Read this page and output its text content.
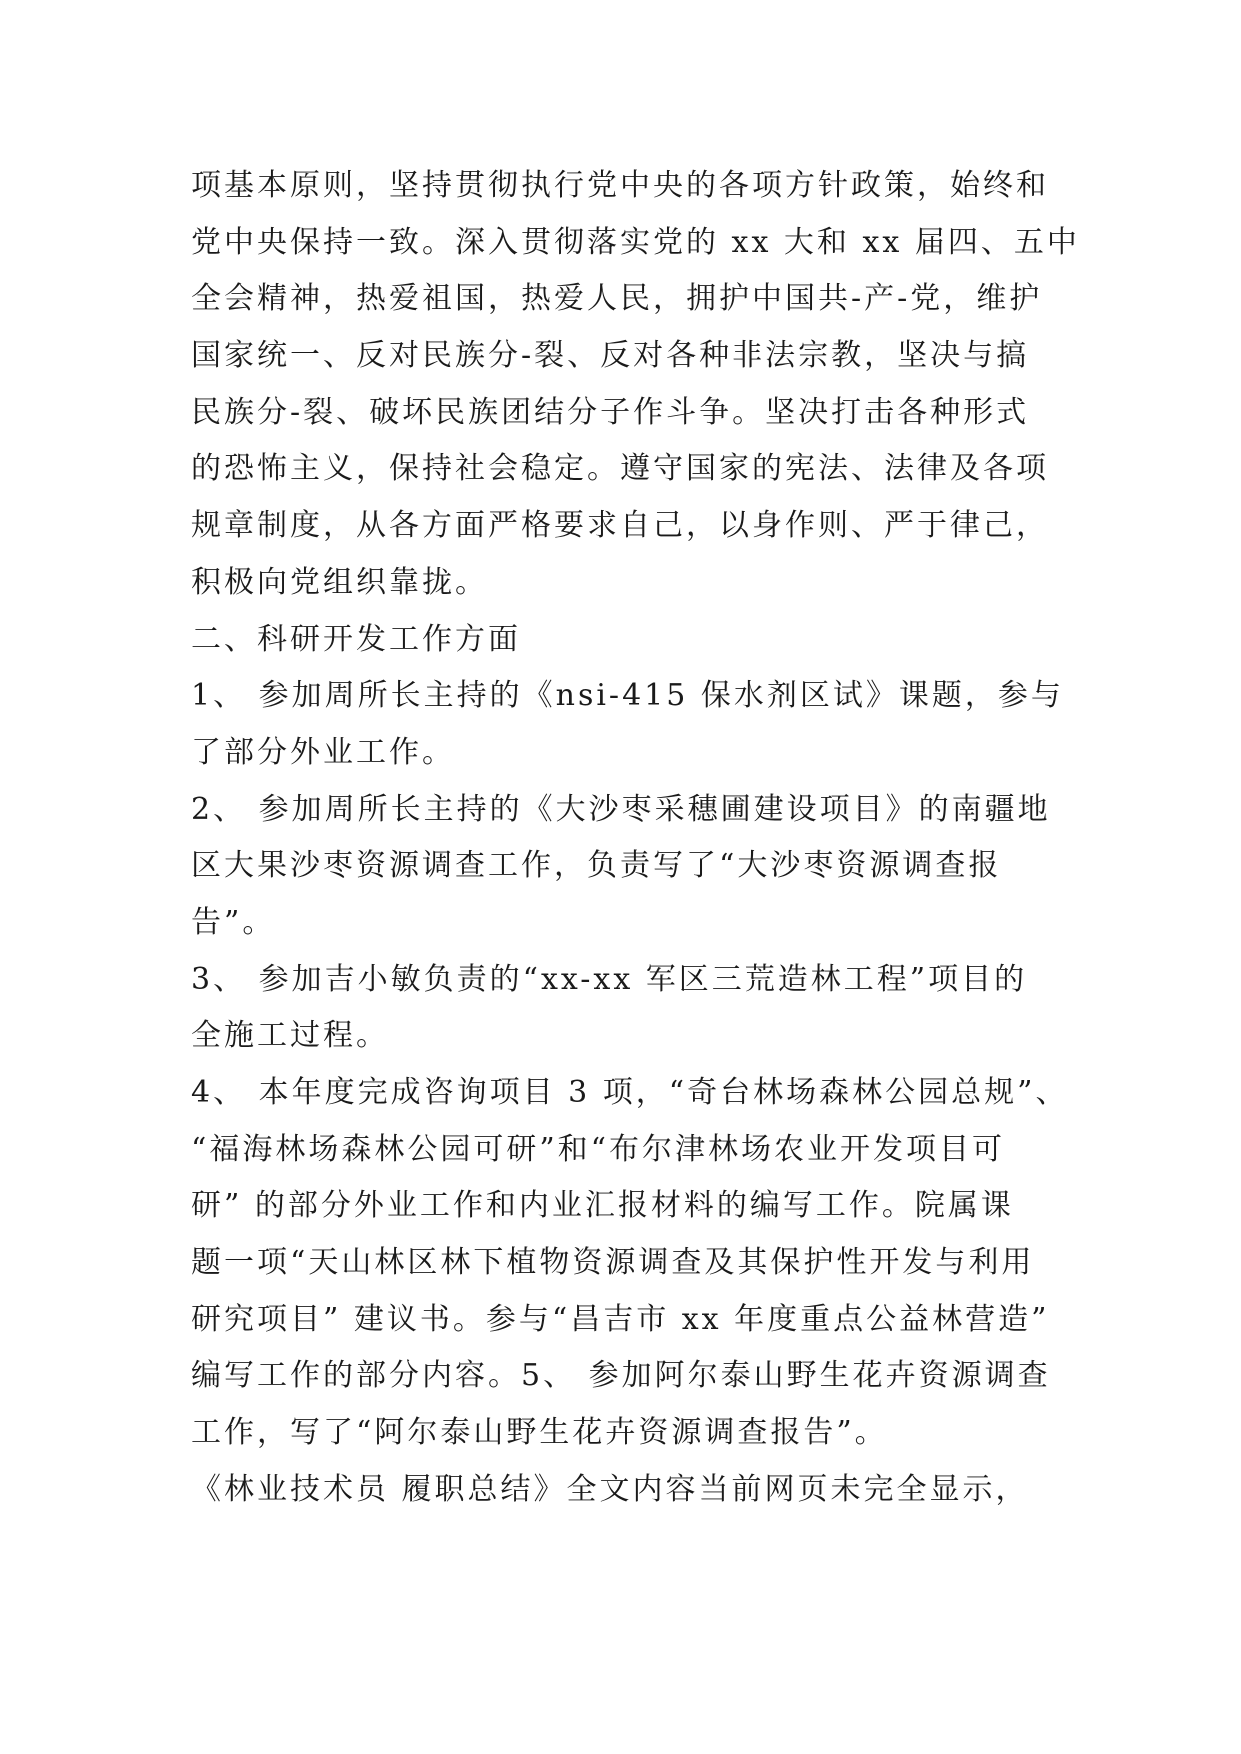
项基本原则，坚持贯彻执行党中央的各项方针政策，始终和
党中央保持一致。深入贯彻落实党的 xx 大和 xx 届四、五中
全会精神，热爱祖国，热爱人民，拥护中国共-产-党，维护
国家统一、反对民族分-裂、反对各种非法宗教，坚决与搞
民族分-裂、破坏民族团结分子作斗争。坚决打击各种形式
的恐怖主义，保持社会稳定。遵守国家的宪法、法律及各项
规章制度，从各方面严格要求自己，以身作则、严于律己，
积极向党组织靠拢。
二、科研开发工作方面
1、 参加周所长主持的《nsi-415 保水剂区试》课题，参与
了部分外业工作。
2、 参加周所长主持的《大沙枣采穗圃建设项目》的南疆地
区大果沙枣资源调查工作，负责写了“大沙枣资源调查报
告”。
3、 参加吉小敏负责的“xx-xx 军区三荒造林工程”项目的
全施工过程。
4、 本年度完成咨询项目 3 项，“奇台林场森林公园总规”、
“福海林场森林公园可研”和“布尔津林场农业开发项目可
研” 的部分外业工作和内业汇报材料的编写工作。院属课
题一项“天山林区林下植物资源调查及其保护性开发与利用
研究项目” 建议书。参与“昌吉市 xx 年度重点公益林营造”
编写工作的部分内容。5、 参加阿尔泰山野生花卉资源调查
工作，写了“阿尔泰山野生花卉资源调查报告”。
《林业技术员 履职总结》全文内容当前网页未完全显示，
